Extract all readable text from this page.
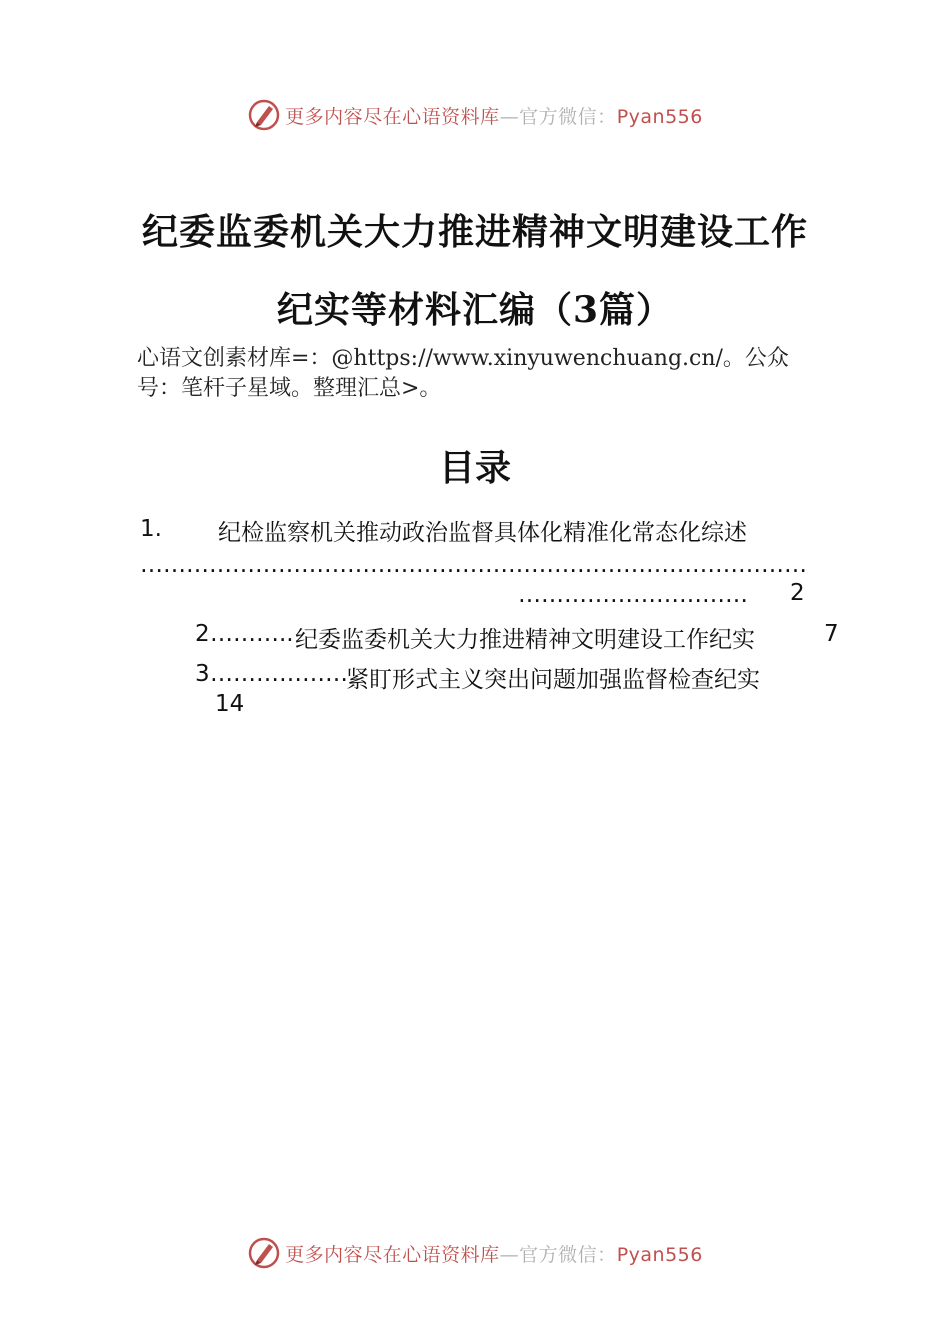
更多内容尽在心语资料库—官方微信：Pyan556
纪委监委机关大力推进精神文明建设工作
纪实等材料汇编（3篇）
心语文创素材库=：@https://www.xinyuwenchuang.cn/。公众
号：笔杆子星域。整理汇总>。
目录
1. 纪检监察机关推动政治监督具体化精准化常态化综述
……………………………………………………………………………
………………………… 2
2 ……….. 纪委监委机关大力推进精神文明建设工作纪实	7
3 ………………
紧盯形式主义突出问题加强监督检查纪实
14
更多内容尽在心语资料库—官方微信：Pyan556
